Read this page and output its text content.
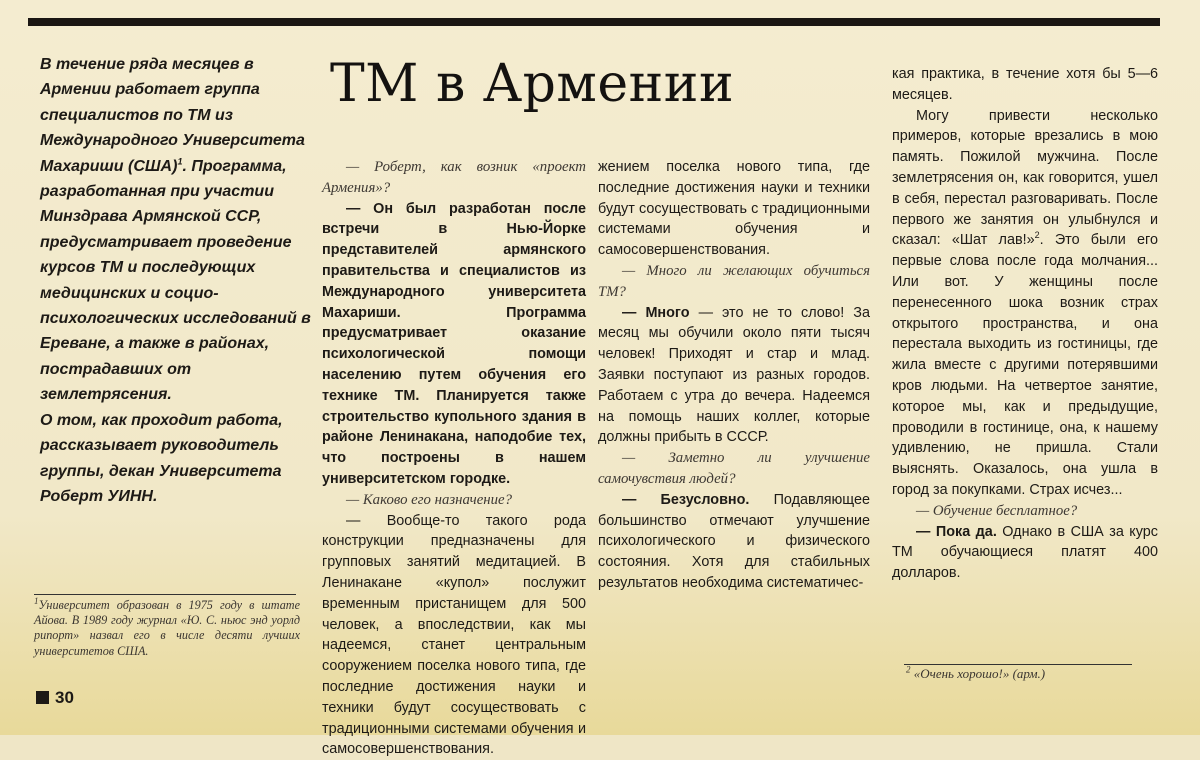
В течение ряда месяцев в Армении работает группа специалистов по ТМ из Международного Университета Махариши (США)$^1$. Программа, разработанная при участии Минздрава Армянской ССР, предусматривает проведение курсов ТМ и последующих медицинских и социо-психологических исследований в Ереване, а также в районах, пострадавших от землетрясения.

О том, как проходит работа, рассказывает руководитель группы, декан Университета Роберт УИНН.

$^1$Университет образован в 1975 году в штате Айова. В 1989 году журнал «Ю. С. ньюс энд уорлд рипорт» назвал его в числе десяти лучших университетов США.
30
ТМ в Армении

— Роберт, как возник «проект Армения»?

— Он был разработан после встречи в Нью-Йорке представителей армянского правительства и специалистов из Международного университета Махариши. Программа предусматривает оказание психологической помощи населению путем обучения его технике ТМ. Планируется также строительство купольного здания в районе Ленинакана, наподобие тех, что построены в нашем университетском городке.

— Каково его назначение?

— Вообще-то такого рода конструкции предназначены для групповых занятий медитацией. В Ленинакане «купол» послужит временным пристанищем для 500 человек, а впоследствии, как мы надеемся, станет центральным сооружением поселка нового типа, где последние достижения науки и техники будут сосуществовать с традиционными системами обучения и самосовершенствования.

жением поселка нового типа, где последние достижения науки и техники будут сосуществовать с традиционными системами обучения и самосовершенствования.

— Много ли желающих обучиться ТМ?

— Много — это не то слово! За месяц мы обучили около пяти тысяч человек! Приходят и стар и млад. Заявки поступают из разных городов. Работаем с утра до вечера. Надеемся на помощь наших коллег, которые должны прибыть в СССР.

— Заметно ли улучшение самочувствия людей?

— Безусловно. Подавляющее большинство отмечают улучшение психологического и физического состояния. Хотя для стабильных результатов необходима систематичес-

кая практика, в течение хотя бы 5—6 месяцев.

Могу привести несколько примеров, которые врезались в мою память. Пожилой мужчина. После землетрясения он, как говорится, ушел в себя, перестал разговаривать. После первого же занятия он улыбнулся и сказал: «Шат лав!»$^2$. Это были его первые слова после года молчания... Или вот. У женщины после перенесенного шока возник страх открытого пространства, и она перестала выходить из гостиницы, где жила вместе с другими потерявшими кров людьми. На четвертое занятие, которое мы, как и предыдущие, проводили в гостинице, она, к нашему удивлению, не пришла. Стали выяснять. Оказалось, она ушла в город за покупками. Страх исчез...

— Обучение бесплатное?

— Пока да. Однако в США за курс ТМ обучающиеся платят 400 долларов.

$^2$ «Очень хорошо!» (арм.)
